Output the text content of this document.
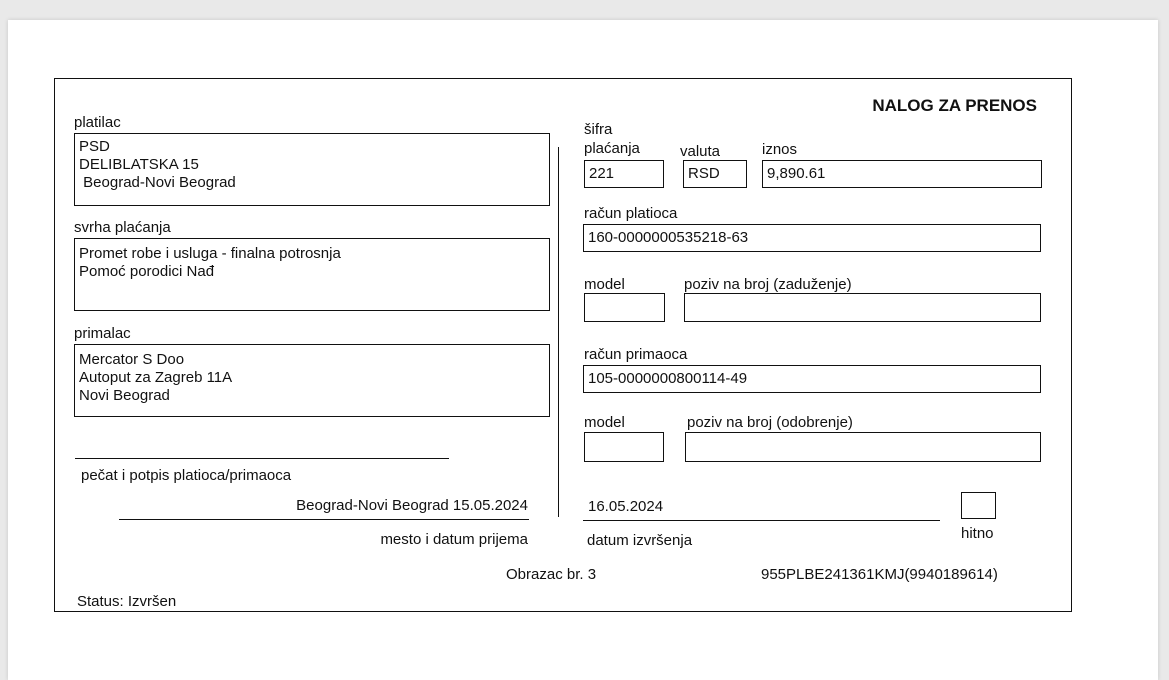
NALOG ZA PRENOS
platilac
PSD
DELIBLATSKA 15
Beograd-Novi Beograd
svrha plaćanja
Promet robe i usluga - finalna potrosnja
Pomoć porodici Nađ
primalac
Mercator S Doo
Autoput za Zagreb 11A
Novi Beograd
pečat i potpis platioca/primaoca
Beograd-Novi Beograd 15.05.2024
mesto i datum prijema
šifra
plaćanja
221
valuta
RSD
iznos
9,890.61
račun platioca
160-0000000535218-63
model	poziv na broj (zaduženje)
račun primaoca
105-0000000800114-49
model	poziv na broj (odobrenje)
16.05.2024
datum izvršenja	hitno
Obrazac br. 3	955PLBE241361KMJ(9940189614)
Status: Izvršen
